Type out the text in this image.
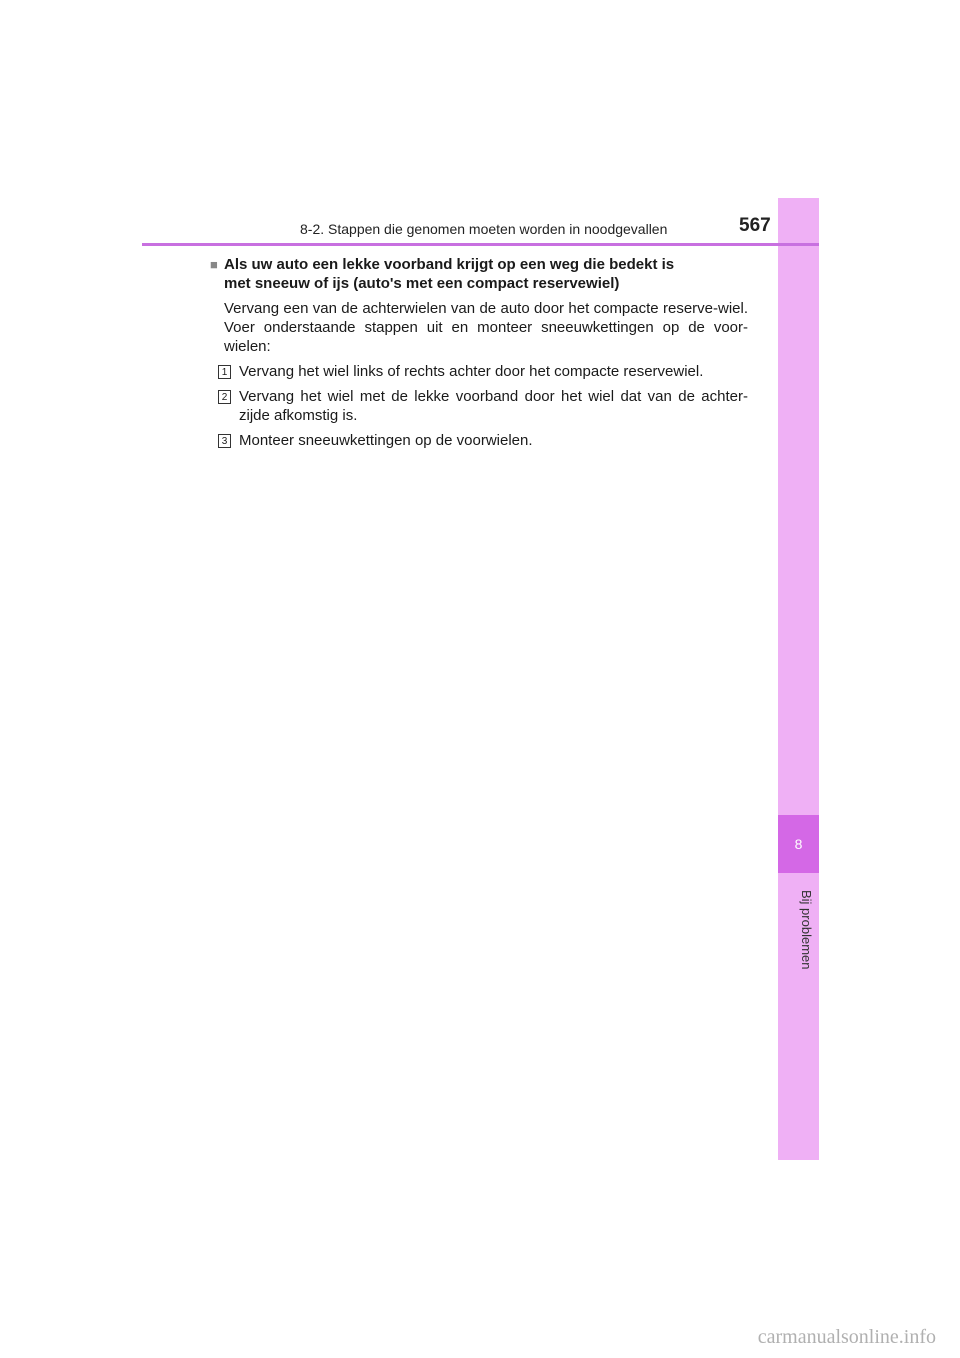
8
Bij problemen
8-2. Stappen die genomen moeten worden in noodgevallen	567
■ Als uw auto een lekke voorband krijgt op een weg die bedekt is
met sneeuw of ijs (auto's met een compact reservewiel)
Vervang een van de achterwielen van de auto door het compacte reserve-wiel. Voer onderstaande stappen uit en monteer sneeuwkettingen op de voor-wielen:
1 Vervang het wiel links of rechts achter door het compacte reservewiel.
2 Vervang het wiel met de lekke voorband door het wiel dat van de achter-zijde afkomstig is.
3 Monteer sneeuwkettingen op de voorwielen.
carmanualsonline.info
